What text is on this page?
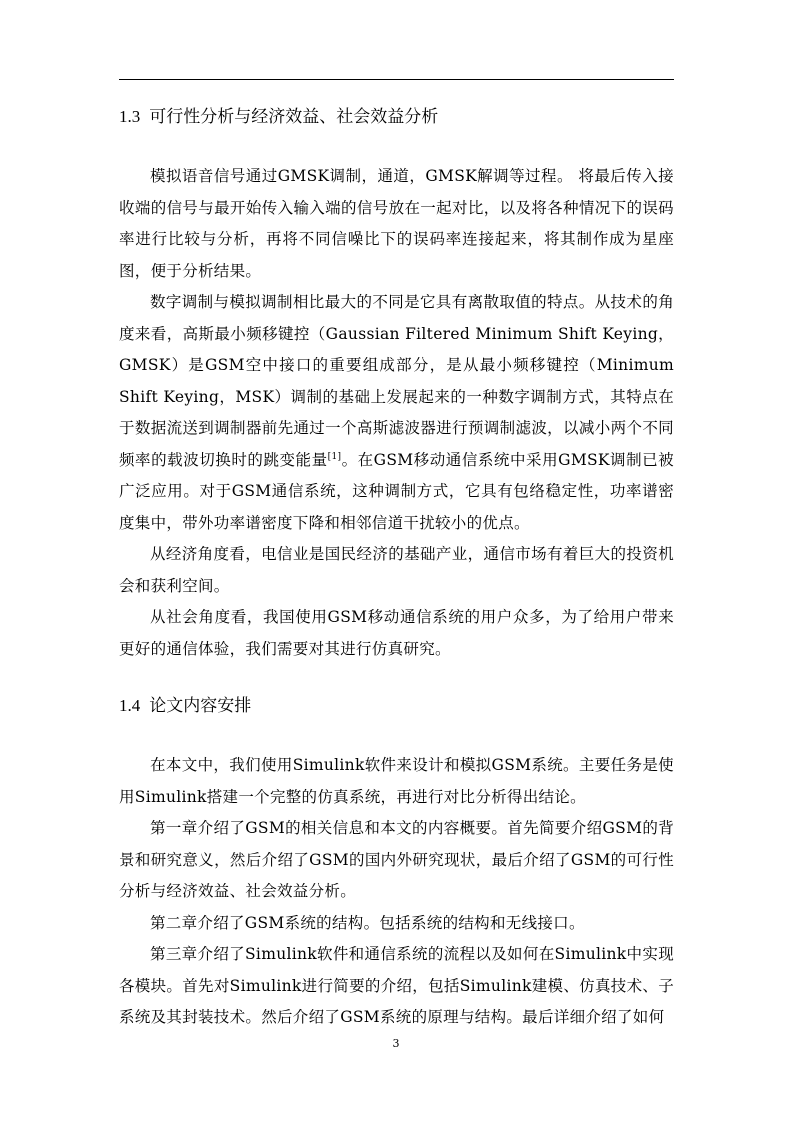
1.3 可行性分析与经济效益、社会效益分析

模拟语音信号通过GMSK调制，通道，GMSK解调等过程。 将最后传入接收端的信号与最开始传入输入端的信号放在一起对比，以及将各种情况下的误码率进行比较与分析，再将不同信噪比下的误码率连接起来，将其制作成为星座图，便于分析结果。

数字调制与模拟调制相比最大的不同是它具有离散取值的特点。从技术的角度来看，高斯最小频移键控（Gaussian Filtered Minimum Shift Keying，GMSK）是GSM空中接口的重要组成部分，是从最小频移键控（Minimum Shift Keying，MSK）调制的基础上发展起来的一种数字调制方式，其特点在于数据流送到调制器前先通过一个高斯滤波器进行预调制滤波，以减小两个不同频率的载波切换时的跳变能量[1]。在GSM移动通信系统中采用GMSK调制已被广泛应用。对于GSM通信系统，这种调制方式，它具有包络稳定性，功率谱密度集中，带外功率谱密度下降和相邻信道干扰较小的优点。

从经济角度看，电信业是国民经济的基础产业，通信市场有着巨大的投资机会和获利空间。

从社会角度看，我国使用GSM移动通信系统的用户众多，为了给用户带来更好的通信体验，我们需要对其进行仿真研究。

1.4 论文内容安排

在本文中，我们使用Simulink软件来设计和模拟GSM系统。主要任务是使用Simulink搭建一个完整的仿真系统，再进行对比分析得出结论。

第一章介绍了GSM的相关信息和本文的内容概要。首先简要介绍GSM的背景和研究意义，然后介绍了GSM的国内外研究现状，最后介绍了GSM的可行性分析与经济效益、社会效益分析。

第二章介绍了GSM系统的结构。包括系统的结构和无线接口。

第三章介绍了Simulink软件和通信系统的流程以及如何在Simulink中实现各模块。首先对Simulink进行简要的介绍，包括Simulink建模、仿真技术、子系统及其封装技术。然后介绍了GSM系统的原理与结构。最后详细介绍了如何

3
